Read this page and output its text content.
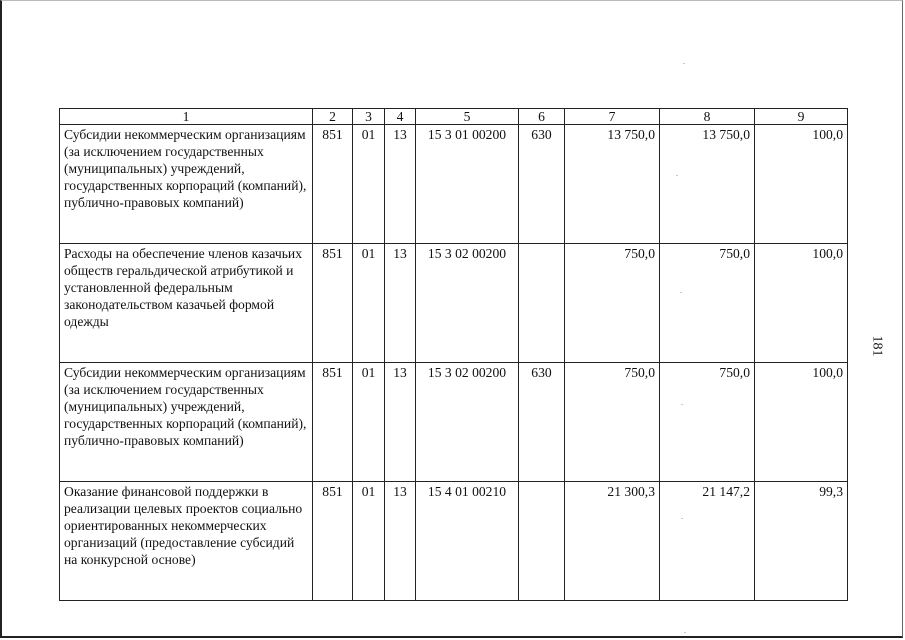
1	2	3	4	5	6	7	8	9
Субсидии некоммерческим организациям (за исключением государственных (муниципальных) учреждений, государственных корпораций (компаний), публично-правовых компаний)	851	01	13	15 3 01 00200	630	13 750,0	13 750,0	100,0
Расходы на обеспечение членов казачьих обществ геральдической атрибутикой и установленной федеральным законодательством казачьей формой одежды	851	01	13	15 3 02 00200		750,0	750,0	100,0
Субсидии некоммерческим организациям (за исключением государственных (муниципальных) учреждений, государственных корпораций (компаний), публично-правовых компаний)	851	01	13	15 3 02 00200	630	750,0	750,0	100,0
Оказание финансовой поддержки в реализации целевых проектов социально ориентированных некоммерческих организаций (предоставление субсидий на конкурсной основе)	851	01	13	15 4 01 00210		21 300,3	21 147,2	99,3
181
